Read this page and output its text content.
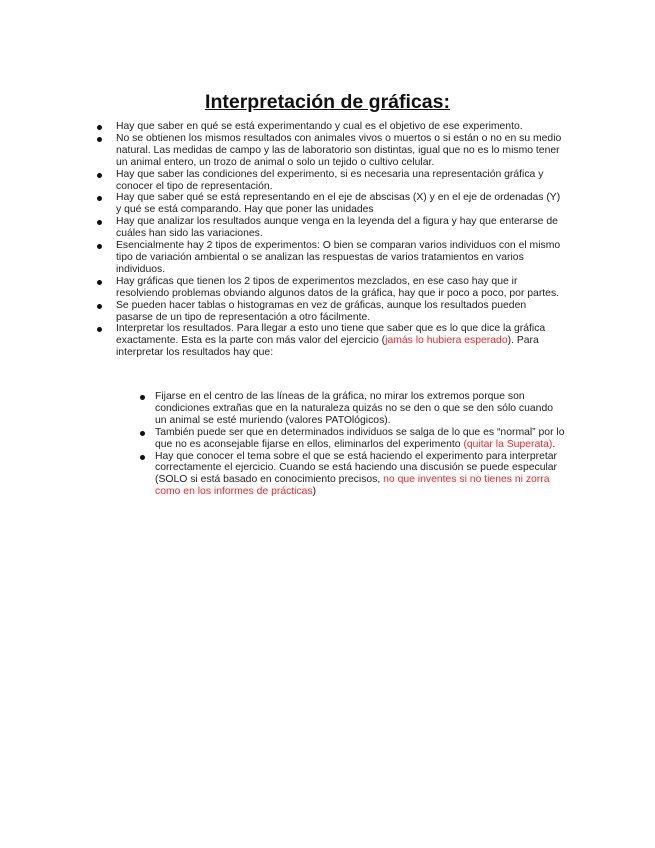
Interpretación de gráficas:
Hay que saber en qué se está experimentando y cual es el objetivo de ese experimento.
No se obtienen los mismos resultados con animales vivos o muertos o si están o no en su medio
natural. Las medidas de campo y las de laboratorio son distintas, igual que no es lo mismo tener
un animal entero, un trozo de animal o solo un tejido o cultivo celular.
Hay que saber las condiciones del experimento, si es necesaria una representación gráfica y
conocer el tipo de representación.
Hay que saber qué se está representando en el eje de abscisas (X) y en el eje de ordenadas (Y)
y qué se está comparando. Hay que poner las unidades
Hay que analizar los resultados aunque venga en la leyenda del a figura y hay que enterarse de
cuáles han sido las variaciones.
Esencialmente hay 2 tipos de experimentos: O bien se comparan varios individuos con el mismo
tipo de variación ambiental o se analizan las respuestas de varios tratamientos en varios
individuos.
Hay gráficas que tienen los 2 tipos de experimentos mezclados, en ese caso hay que ir
resolviendo problemas obviando algunos datos de la gráfica, hay que ir poco a poco, por partes.
Se pueden hacer tablas o histogramas en vez de gráficas, aunque los resultados pueden
pasarse de un tipo de representación a otro fácilmente.
Interpretar los resultados. Para llegar a esto uno tiene que saber que es lo que dice la gráfica
exactamente. Esta es la parte con más valor del ejercicio (jamás lo hubiera esperado). Para
interpretar los resultados hay que:
Fijarse en el centro de las líneas de la gráfica, no mirar los extremos porque son
condiciones extrañas que en la naturaleza quizás no se den o que se den sólo cuando
un animal se esté muriendo (valores PATOlógicos).
También puede ser que en determinados individuos se salga de lo que es “normal” por lo
que no es aconsejable fijarse en ellos, eliminarlos del experimento (quitar la Superata).
Hay que conocer el tema sobre el que se está haciendo el experimento para interpretar
correctamente el ejercicio. Cuando se está haciendo una discusión se puede especular
(SOLO si está basado en conocimiento precisos, no que inventes si no tienes ni zorra
como en los informes de prácticas)
